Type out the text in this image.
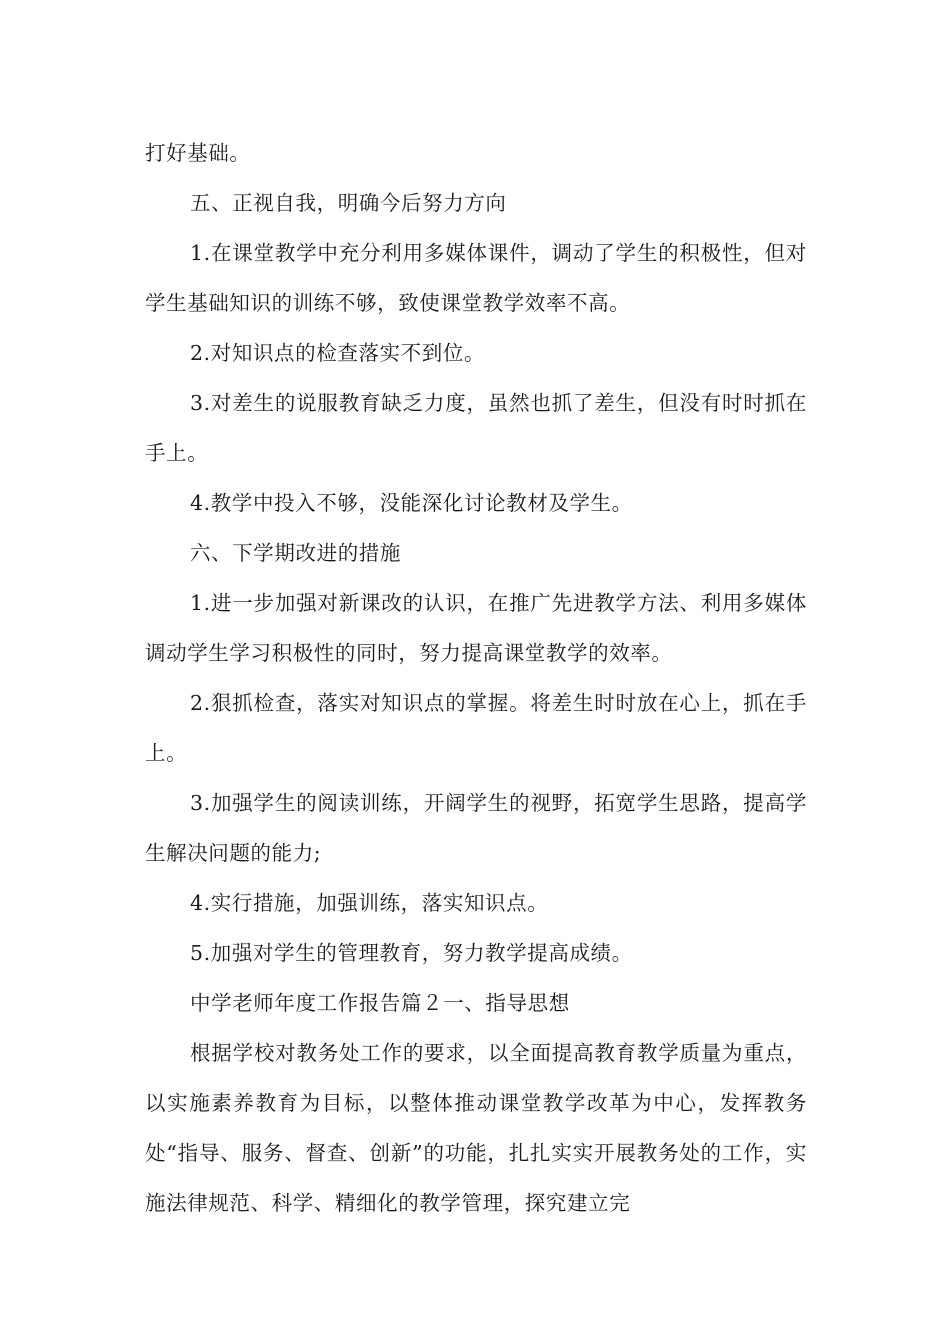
打好基础。

五、正视自我，明确今后努力方向

1.在课堂教学中充分利用多媒体课件，调动了学生的积极性，但对学生基础知识的训练不够，致使课堂教学效率不高。

2.对知识点的检查落实不到位。

3.对差生的说服教育缺乏力度，虽然也抓了差生，但没有时时抓在手上。

4.教学中投入不够，没能深化讨论教材及学生。

六、下学期改进的措施

1.进一步加强对新课改的认识，在推广先进教学方法、利用多媒体调动学生学习积极性的同时，努力提高课堂教学的效率。

2.狠抓检查，落实对知识点的掌握。将差生时时放在心上，抓在手上。

3.加强学生的阅读训练，开阔学生的视野，拓宽学生思路，提高学生解决问题的能力;

4.实行措施，加强训练，落实知识点。

5.加强对学生的管理教育，努力教学提高成绩。

中学老师年度工作报告篇２一、指导思想

根据学校对教务处工作的要求，以全面提高教育教学质量为重点，以实施素养教育为目标，以整体推动课堂教学改革为中心，发挥教务处“指导、服务、督查、创新”的功能，扎扎实实开展教务处的工作，实施法律规范、科学、精细化的教学管理，探究建立完
